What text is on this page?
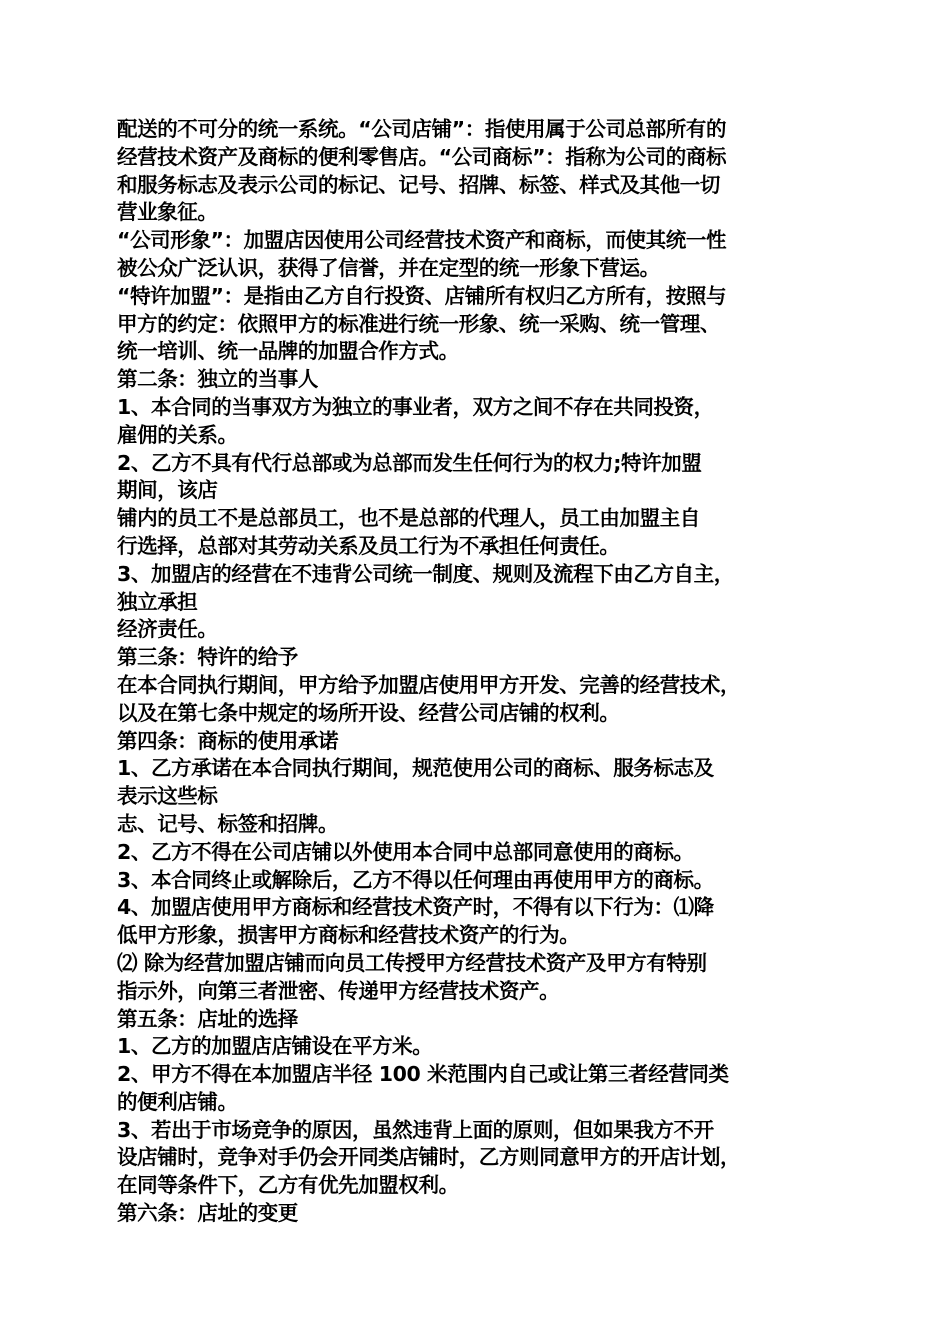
配送的不可分的统一系统。“公司店铺”：指使用属于公司总部所有的
经营技术资产及商标的便利零售店。“公司商标”：指称为公司的商标
和服务标志及表示公司的标记、记号、招牌、标签、样式及其他一切
营业象征。
“公司形象”：加盟店因使用公司经营技术资产和商标，而使其统一性
被公众广泛认识，获得了信誉，并在定型的统一形象下营运。
“特许加盟”：是指由乙方自行投资、店铺所有权归乙方所有，按照与
甲方的约定：依照甲方的标准进行统一形象、统一采购、统一管理、
统一培训、统一品牌的加盟合作方式。
第二条：独立的当事人
1、本合同的当事双方为独立的事业者，双方之间不存在共同投资，
雇佣的关系。
2、乙方不具有代行总部或为总部而发生任何行为的权力;特许加盟
期间，该店
铺内的员工不是总部员工，也不是总部的代理人，员工由加盟主自
行选择，总部对其劳动关系及员工行为不承担任何责任。
3、加盟店的经营在不违背公司统一制度、规则及流程下由乙方自主，
独立承担
经济责任。
第三条：特许的给予
在本合同执行期间，甲方给予加盟店使用甲方开发、完善的经营技术，
以及在第七条中规定的场所开设、经营公司店铺的权利。
第四条：商标的使用承诺
1、乙方承诺在本合同执行期间，规范使用公司的商标、服务标志及
表示这些标
志、记号、标签和招牌。
2、乙方不得在公司店铺以外使用本合同中总部同意使用的商标。
3、本合同终止或解除后，乙方不得以任何理由再使用甲方的商标。
4、加盟店使用甲方商标和经营技术资产时，不得有以下行为：⑴降
低甲方形象，损害甲方商标和经营技术资产的行为。
⑵ 除为经营加盟店铺而向员工传授甲方经营技术资产及甲方有特别
指示外，向第三者泄密、传递甲方经营技术资产。
第五条：店址的选择
1、乙方的加盟店店铺设在平方米。
2、甲方不得在本加盟店半径 100 米范围内自己或让第三者经营同类
的便利店铺。
3、若出于市场竞争的原因，虽然违背上面的原则，但如果我方不开
设店铺时，竞争对手仍会开同类店铺时，乙方则同意甲方的开店计划，
在同等条件下，乙方有优先加盟权利。
第六条：店址的变更
